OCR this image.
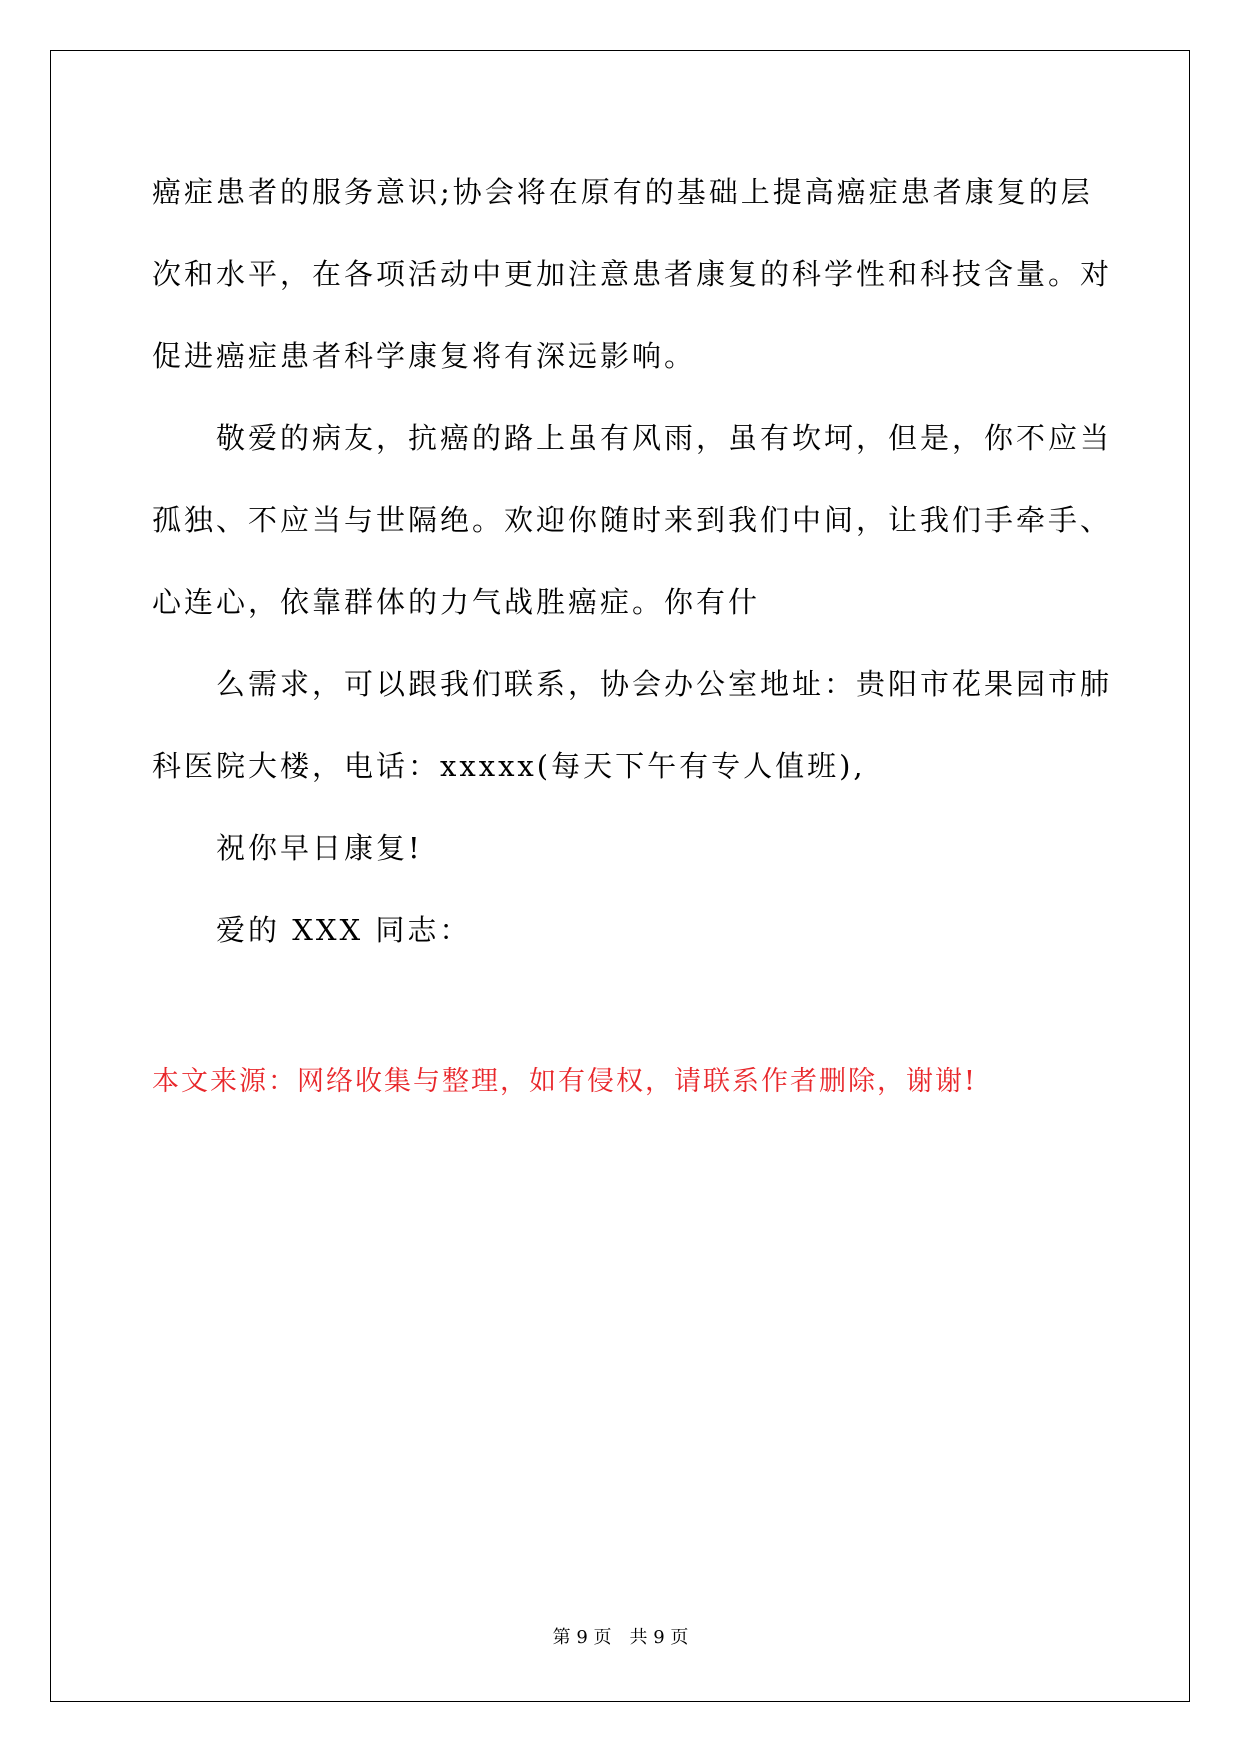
癌症患者的服务意识;协会将在原有的基础上提高癌症患者康复的层
次和水平，在各项活动中更加注意患者康复的科学性和科技含量。对
促进癌症患者科学康复将有深远影响。
敬爱的病友，抗癌的路上虽有风雨，虽有坎坷，但是，你不应当
孤独、不应当与世隔绝。欢迎你随时来到我们中间，让我们手牵手、
心连心，依靠群体的力气战胜癌症。你有什
么需求，可以跟我们联系，协会办公室地址：贵阳市花果园市肺
科医院大楼，电话：xxxxx(每天下午有专人值班),
祝你早日康复!
爱的 XXX 同志：
本文来源：网络收集与整理，如有侵权，请联系作者删除，谢谢!
第 9 页 共 9 页
